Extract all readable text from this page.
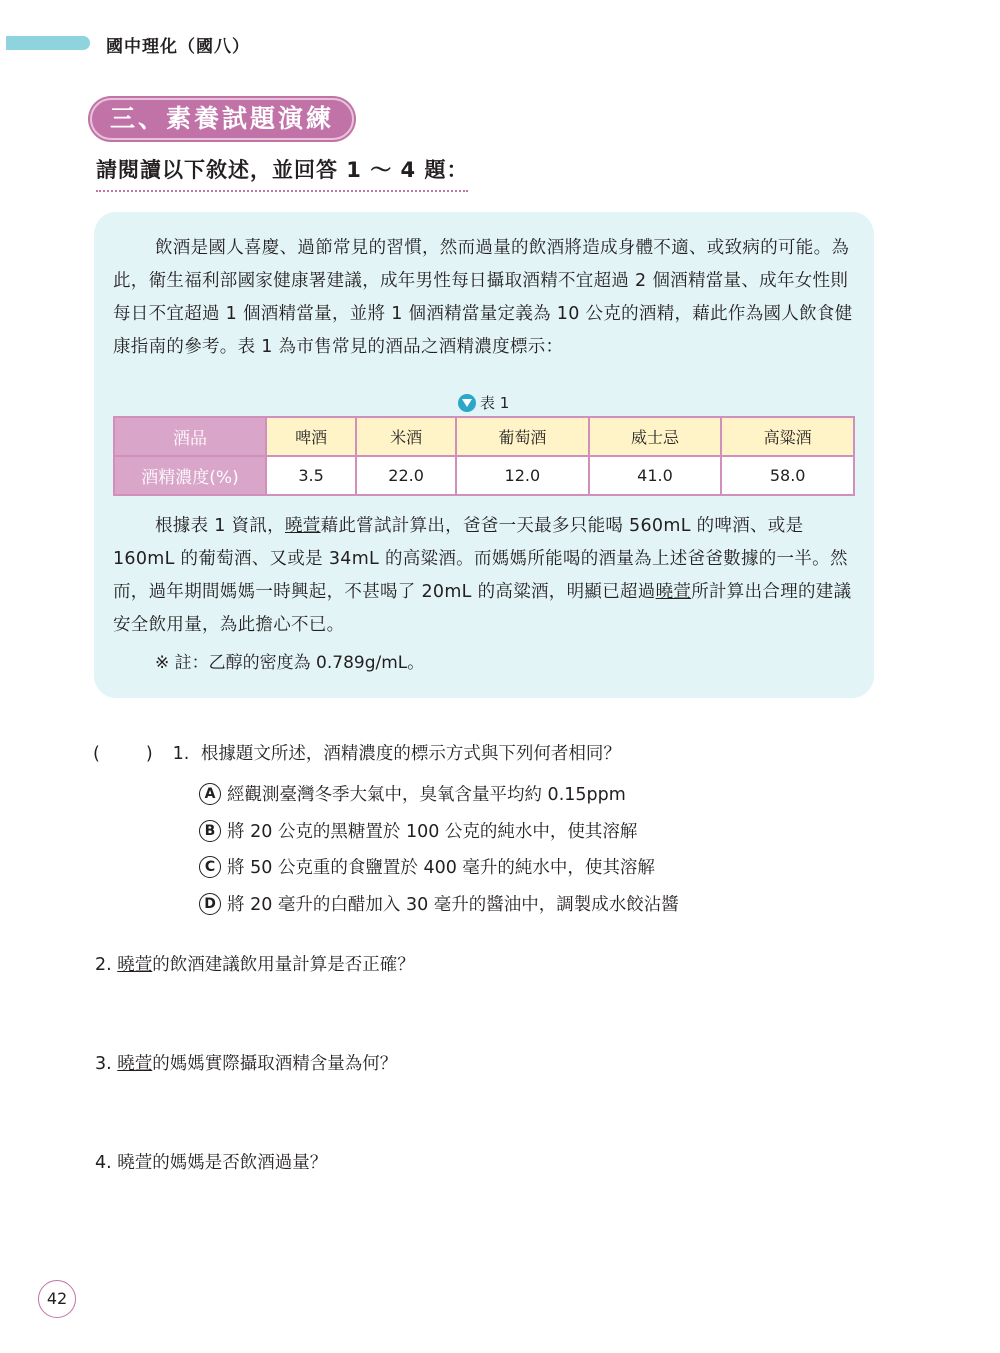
國中理化（國八）
三、素養試題演練
請閱讀以下敘述，並回答 1 ～ 4 題：
飲酒是國人喜慶、過節常見的習慣，然而過量的飲酒將造成身體不適、或致病的可能。為此，衛生福利部國家健康署建議，成年男性每日攝取酒精不宜超過 2 個酒精當量、成年女性則每日不宜超過 1 個酒精當量，並將 1 個酒精當量定義為 10 公克的酒精，藉此作為國人飲食健康指南的參考。表 1 為市售常見的酒品之酒精濃度標示：
表 1
酒品	啤酒	米酒	葡萄酒	威士忌	高粱酒
酒精濃度(%)	3.5	22.0	12.0	41.0	58.0
根據表 1 資訊，曉萱藉此嘗試計算出，爸爸一天最多只能喝 560mL 的啤酒、或是 160mL 的葡萄酒、又或是 34mL 的高粱酒。而媽媽所能喝的酒量為上述爸爸數據的一半。然而，過年期間媽媽一時興起，不甚喝了 20mL 的高粱酒，明顯已超過曉萱所計算出合理的建議安全飲用量，為此擔心不已。
※ 註：乙醇的密度為 0.789g/mL。
(	) 1. 根據題文所述，酒精濃度的標示方式與下列何者相同？
A 經觀測臺灣冬季大氣中，臭氧含量平均約 0.15ppm
B 將 20 公克的黑糖置於 100 公克的純水中，使其溶解
C 將 50 公克重的食鹽置於 400 毫升的純水中，使其溶解
D 將 20 毫升的白醋加入 30 毫升的醬油中，調製成水餃沾醬
2. 曉萱的飲酒建議飲用量計算是否正確？
3. 曉萱的媽媽實際攝取酒精含量為何？
4. 曉萱的媽媽是否飲酒過量？
42
